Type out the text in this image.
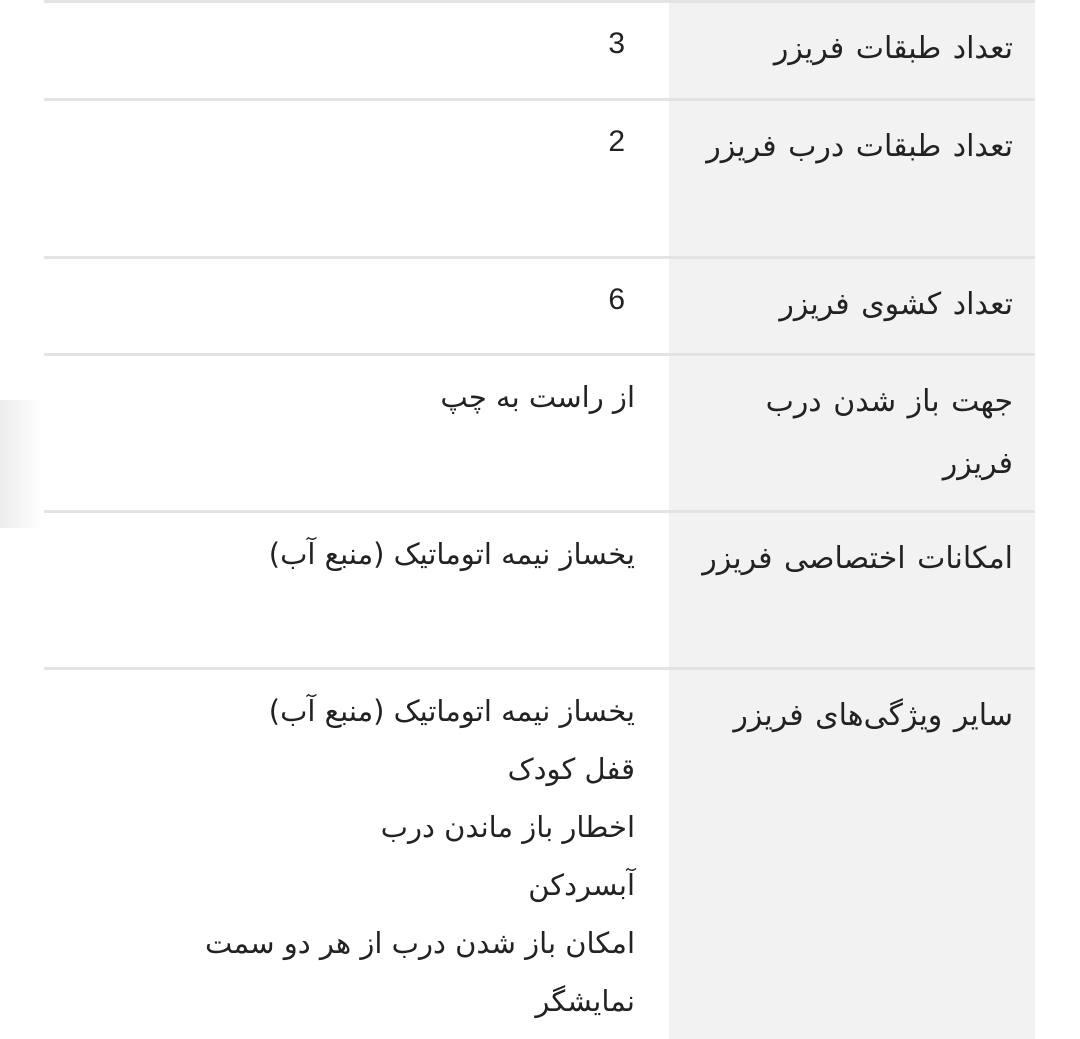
تعداد طبقات فریزر
3
تعداد طبقات درب فریزر
2
تعداد کشوی فریزر
6
جهت باز شدن درب فریزر
از راست به چپ
امکانات اختصاصی فریزر
یخساز نیمه اتوماتیک (منبع آب)
سایر ویژگی‌های فریزر
یخساز نیمه اتوماتیک (منبع آب)
قفل کودک
اخطار باز ماندن درب
آبسردکن
امکان باز شدن درب از هر دو سمت
نمایشگر
